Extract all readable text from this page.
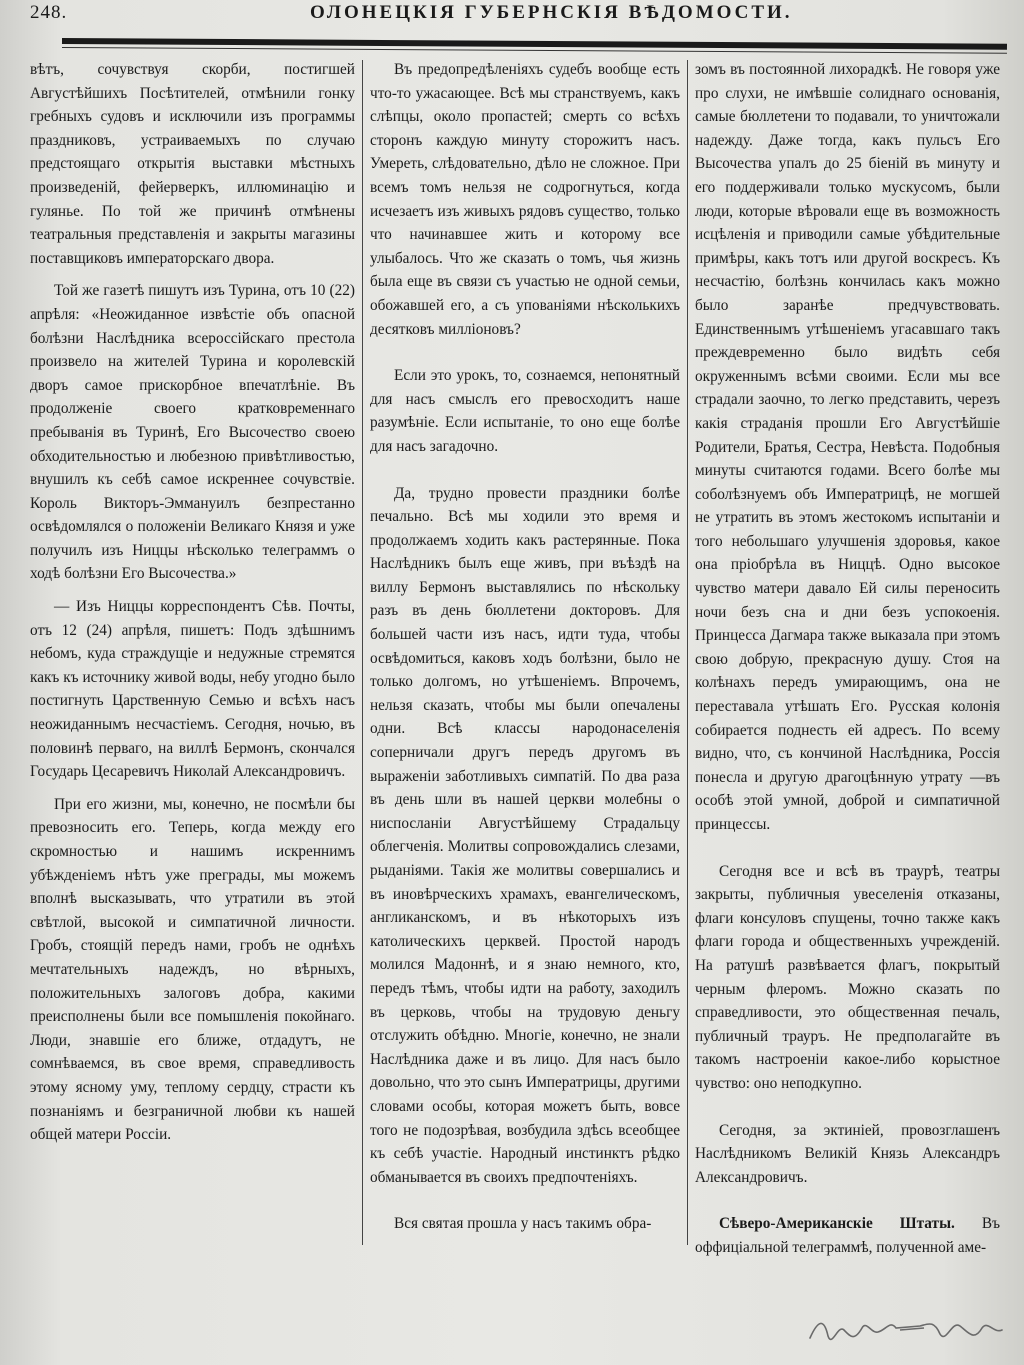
248.	ОЛОНЕЦКІЯ ГУБЕРНСКІЯ ВѢДОМОСТИ.

вѣтъ, сочувствуя скорби, постигшей Августѣйшихъ Посѣтителей, отмѣнили гонку гребныхъ судовъ и исключили изъ программы праздниковъ, устраиваемыхъ по случаю предстоящаго открытія выставки мѣстныхъ произведеній, фейерверкъ, иллюминацію и гулянье. По той же причинѣ отмѣнены театральныя представленія и закрыты магазины поставщиковъ императорскаго двора.

Той же газетѣ пишутъ изъ Турина, отъ 10 (22) апрѣля: «Неожиданное извѣстіе объ опасной болѣзни Наслѣдника всероссійскаго престола произвело на жителей Турина и королевскій дворъ самое прискорбное впечатлѣніе. Въ продолженіе своего кратковременнаго пребыванія въ Туринѣ, Его Высочество своею обходительностью и любезною привѣтливостью, внушилъ къ себѣ самое искреннее сочувствіе. Король Викторъ-Эммануилъ безпрестанно освѣдомлялся о положеніи Великаго Князя и уже получилъ изъ Ниццы нѣсколько телеграммъ о ходѣ болѣзни Его Высочества.»

— Изъ Ниццы корреспондентъ Сѣв. Почты, отъ 12 (24) апрѣля, пишетъ: Подъ здѣшнимъ небомъ, куда страждущіе и недужные стремятся какъ къ источнику живой воды, небу угодно было постигнуть Царственную Семью и всѣхъ насъ неожиданнымъ несчастіемъ. Сегодня, ночью, въ половинѣ перваго, на виллѣ Бермонъ, скончался Государь Цесаревичъ Николай Александровичъ.

При его жизни, мы, конечно, не посмѣли бы превозносить его. Теперь, когда между его скромностью и нашимъ искреннимъ убѣжденіемъ нѣтъ уже преграды, мы можемъ вполнѣ высказывать, что утратили въ этой свѣтлой, высокой и симпатичной личности. Гробъ, стоящій передъ нами, гробъ не однѣхъ мечтательныхъ надеждъ, но вѣрныхъ, положительныхъ залоговъ добра, какими преисполнены были все помышленія покойнаго. Люди, знавшіе его ближе, отдадутъ, не сомнѣваемся, въ свое время, справедливость этому ясному уму, теплому сердцу, страсти къ познаніямъ и безграничной любви къ нашей общей матери Россіи.

Въ предопредѣленіяхъ судебъ вообще есть что-то ужасающее. Всѣ мы странствуемъ, какъ слѣпцы, около пропастей; смерть со всѣхъ сторонъ каждую минуту сторожитъ насъ. Умереть, слѣдовательно, дѣло не сложное. При всемъ томъ нельзя не содрогнуться, когда исчезаетъ изъ живыхъ рядовъ существо, только что начинавшее жить и которому все улыбалось. Что же сказать о томъ, чья жизнь была еще въ связи съ участью не одной семьи, обожавшей его, а съ упованіями нѣсколькихъ десятковъ милліоновъ?

Если это урокъ, то, сознаемся, непонятный для насъ смыслъ его превосходитъ наше разумѣніе. Если испытаніе, то оно еще болѣе для насъ загадочно.

Да, трудно провести праздники болѣе печально. Всѣ мы ходили это время и продолжаемъ ходить какъ растерянные. Пока Наслѣдникъ былъ еще живъ, при въѣздѣ на виллу Бермонъ выставлялись по нѣскольку разъ въ день бюллетени докторовъ. Для большей части изъ насъ, идти туда, чтобы освѣдомиться, каковъ ходъ болѣзни, было не только долгомъ, но утѣшеніемъ. Впрочемъ, нельзя сказать, чтобы мы были опечалены одни. Всѣ классы народонаселенія соперничали другъ передъ другомъ въ выраженіи заботливыхъ симпатій. По два раза въ день шли въ нашей церкви молебны о ниспосланіи Августѣйшему Страдальцу облегченія. Молитвы сопровождались слезами, рыданіями. Такія же молитвы совершались и въ иновѣрческихъ храмахъ, евангелическомъ, англиканскомъ, и въ нѣкоторыхъ изъ католическихъ церквей. Простой народъ молился Мадоннѣ, и я знаю немного, кто, передъ тѣмъ, чтобы идти на работу, заходилъ въ церковь, чтобы на трудовую деньгу отслужить обѣдню. Многіе, конечно, не знали Наслѣдника даже и въ лицо. Для насъ было довольно, что это сынъ Императрицы, другими словами особы, которая можетъ быть, вовсе того не подозрѣвая, возбудила здѣсь всеобщее къ себѣ участіе. Народный инстинктъ рѣдко обманывается въ своихъ предпочтеніяхъ.

Вся святая прошла у насъ такимъ обра-

зомъ въ постоянной лихорадкѣ. Не говоря уже про слухи, не имѣвшіе солиднаго основанія, самые бюллетени то подавали, то уничтожали надежду. Даже тогда, какъ пульсъ Его Высочества упалъ до 25 біеній въ минуту и его поддерживали только мускусомъ, были люди, которые вѣровали еще въ возможность исцѣленія и приводили самые убѣдительные примѣры, какъ тотъ или другой воскресъ. Къ несчастію, болѣзнь кончилась какъ можно было заранѣе предчувствовать. Единственнымъ утѣшеніемъ угасавшаго такъ преждевременно было видѣть себя окруженнымъ всѣми своими. Если мы все страдали заочно, то легко представить, черезъ какія страданія прошли Его Августѣйшіе Родители, Братья, Сестра, Невѣста. Подобныя минуты считаются годами. Всего болѣе мы соболѣзнуемъ объ Императрицѣ, не могшей не утратить въ этомъ жестокомъ испытаніи и того небольшаго улучшенія здоровья, какое она пріобрѣла въ Ниццѣ. Одно высокое чувство матери давало Ей силы переносить ночи безъ сна и дни безъ успокоенія. Принцесса Дагмара также выказала при этомъ свою добрую, прекрасную душу. Стоя на колѣнахъ передъ умирающимъ, она не переставала утѣшать Его. Русская колонія собирается поднесть ей адресъ. По всему видно, что, съ кончиной Наслѣдника, Россія понесла и другую драгоцѣнную утрату —въ особѣ этой умной, доброй и симпатичной принцессы.

Сегодня все и всѣ въ траурѣ, театры закрыты, публичныя увеселенія отказаны, флаги консуловъ спущены, точно также какъ флаги города и общественныхъ учрежденій. На ратушѣ развѣвается флагъ, покрытый черным флеромъ. Можно сказать по справедливости, это общественная печаль, публичный трауръ. Не предполагайте въ такомъ настроеніи какое-либо корыстное чувство: оно неподкупно.

Сегодня, за эктиніей, провозглашенъ Наслѣдникомъ Великій Князь Александръ Александровичъ.

Сѣверо-Американскіе Штаты. Въ оффиціальной телеграммѣ, полученной аме-
